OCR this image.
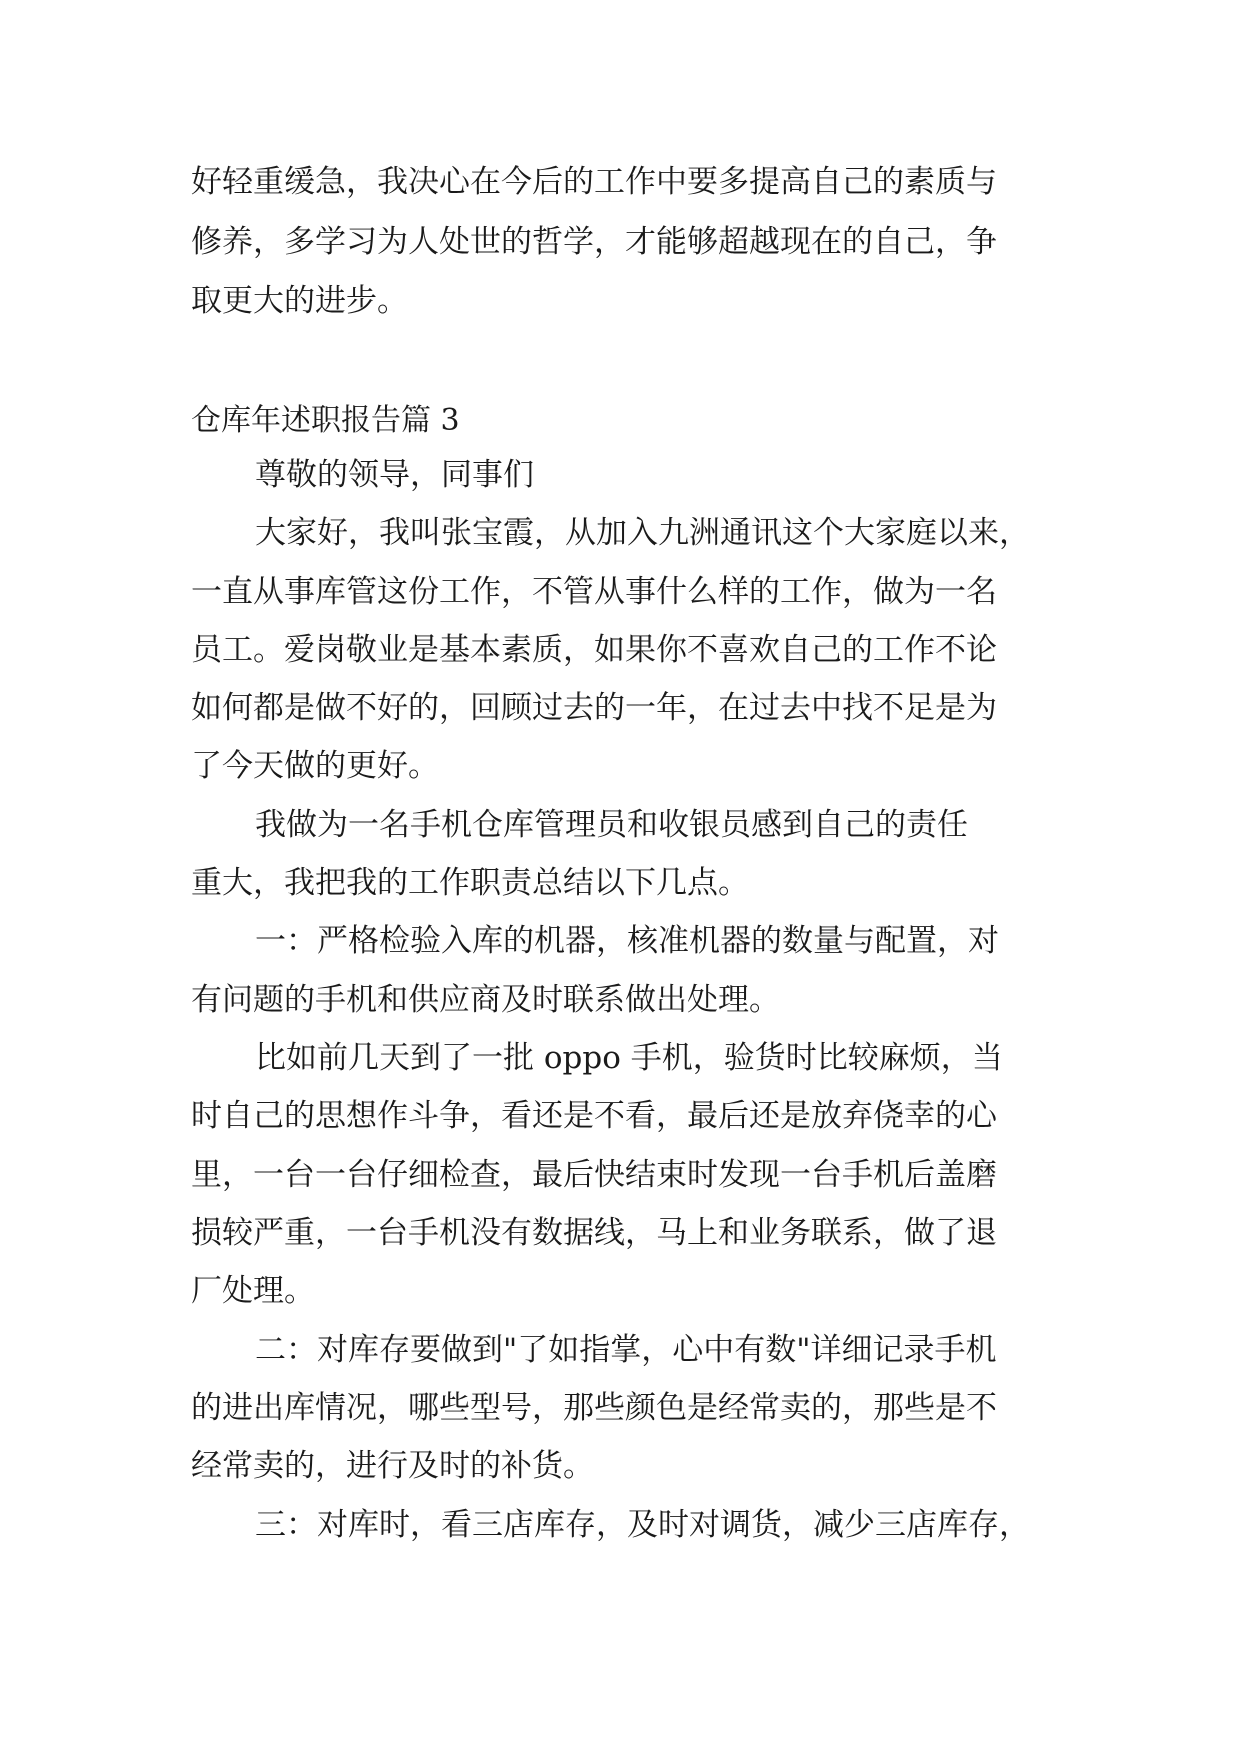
好轻重缓急，我决心在今后的工作中要多提高自己的素质与
修养，多学习为人处世的哲学，才能够超越现在的自己，争
取更大的进步。
仓库年述职报告篇 3
尊敬的领导，同事们
大家好，我叫张宝霞，从加入九洲通讯这个大家庭以来，
一直从事库管这份工作，不管从事什么样的工作，做为一名
员工。爱岗敬业是基本素质，如果你不喜欢自己的工作不论
如何都是做不好的，回顾过去的一年，在过去中找不足是为
了今天做的更好。
我做为一名手机仓库管理员和收银员感到自己的责任
重大，我把我的工作职责总结以下几点。
一：严格检验入库的机器，核准机器的数量与配置，对
有问题的手机和供应商及时联系做出处理。
比如前几天到了一批 oppo 手机，验货时比较麻烦，当
时自己的思想作斗争，看还是不看，最后还是放弃侥幸的心
里，一台一台仔细检查，最后快结束时发现一台手机后盖磨
损较严重，一台手机没有数据线，马上和业务联系，做了退
厂处理。
二：对库存要做到"了如指掌，心中有数"详细记录手机
的进出库情况，哪些型号，那些颜色是经常卖的，那些是不
经常卖的，进行及时的补货。
三：对库时，看三店库存，及时对调货，减少三店库存，
